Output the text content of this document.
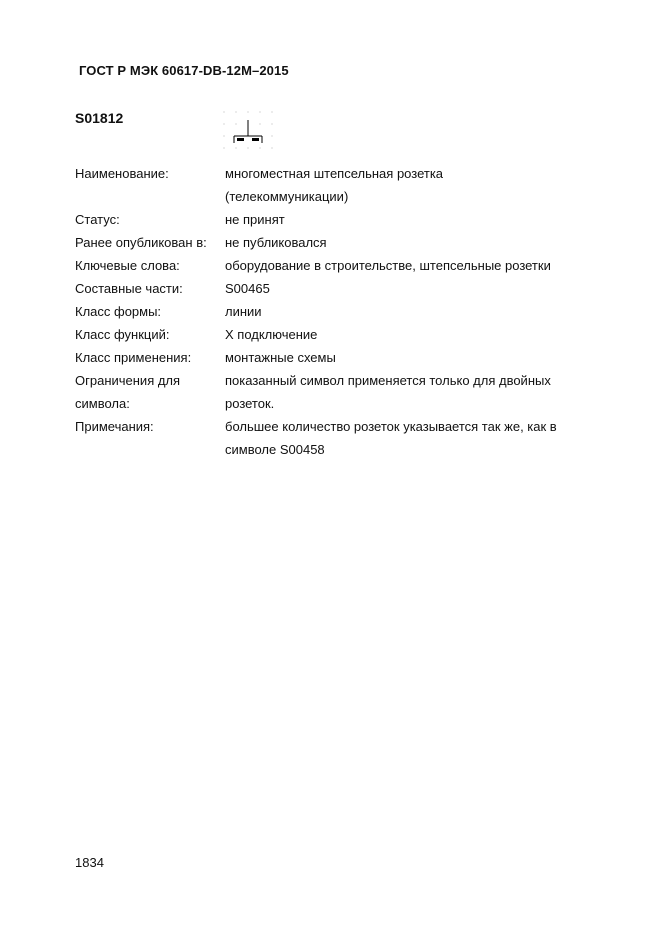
ГОСТ Р МЭК 60617-DB-12M–2015
S01812
Наименование:	многоместная штепсельная розетка
(телекоммуникации)
Статус:	не принят
Ранее опубликован в:	не публиковался
Ключевые слова:	оборудование в строительстве, штепсельные розетки
Составные части:	S00465
Класс формы:	линии
Класс функций:	X подключение
Класс применения:	монтажные схемы
Ограничения для
символа:
показанный символ применяется только для двойных
розеток.
Примечания:	большее количество розеток указывается так же, как в
символе S00458
1834
